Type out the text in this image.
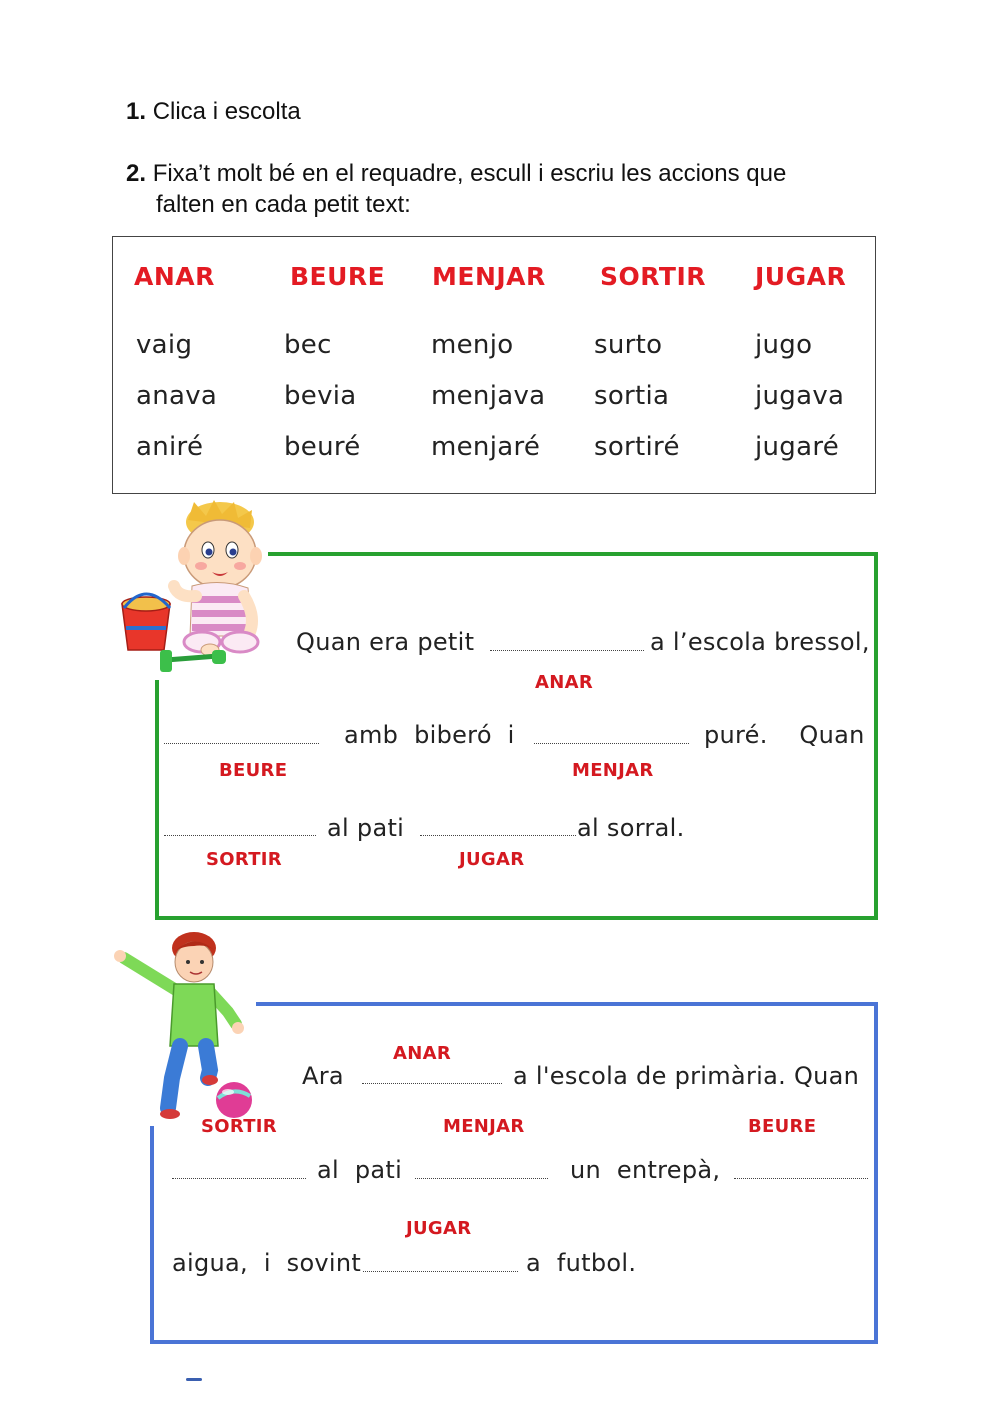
1. Clica i escolta
2. Fixa’t molt bé en el requadre, escull i escriu les accions que
falten en cada petit text:
ANAR	BEURE MENJAR SORTIR JUGAR
vaig	bec	menjo	surto	jugo
anava	bevia	menjava sortia	jugava
aniré	beuré	menjaré sortiré	jugaré
Quan era petit	a l’escola bressol,
ANAR
amb  biberó  i	puré.    Quan
BEURE	MENJAR
al pati	al sorral.
SORTIR	JUGAR
ANAR
Ara	a l'escola de primària. Quan
SORTIR	MENJAR	BEURE
al  pati	un  entrepà,
JUGAR
aigua,  i  sovint	a  futbol.
